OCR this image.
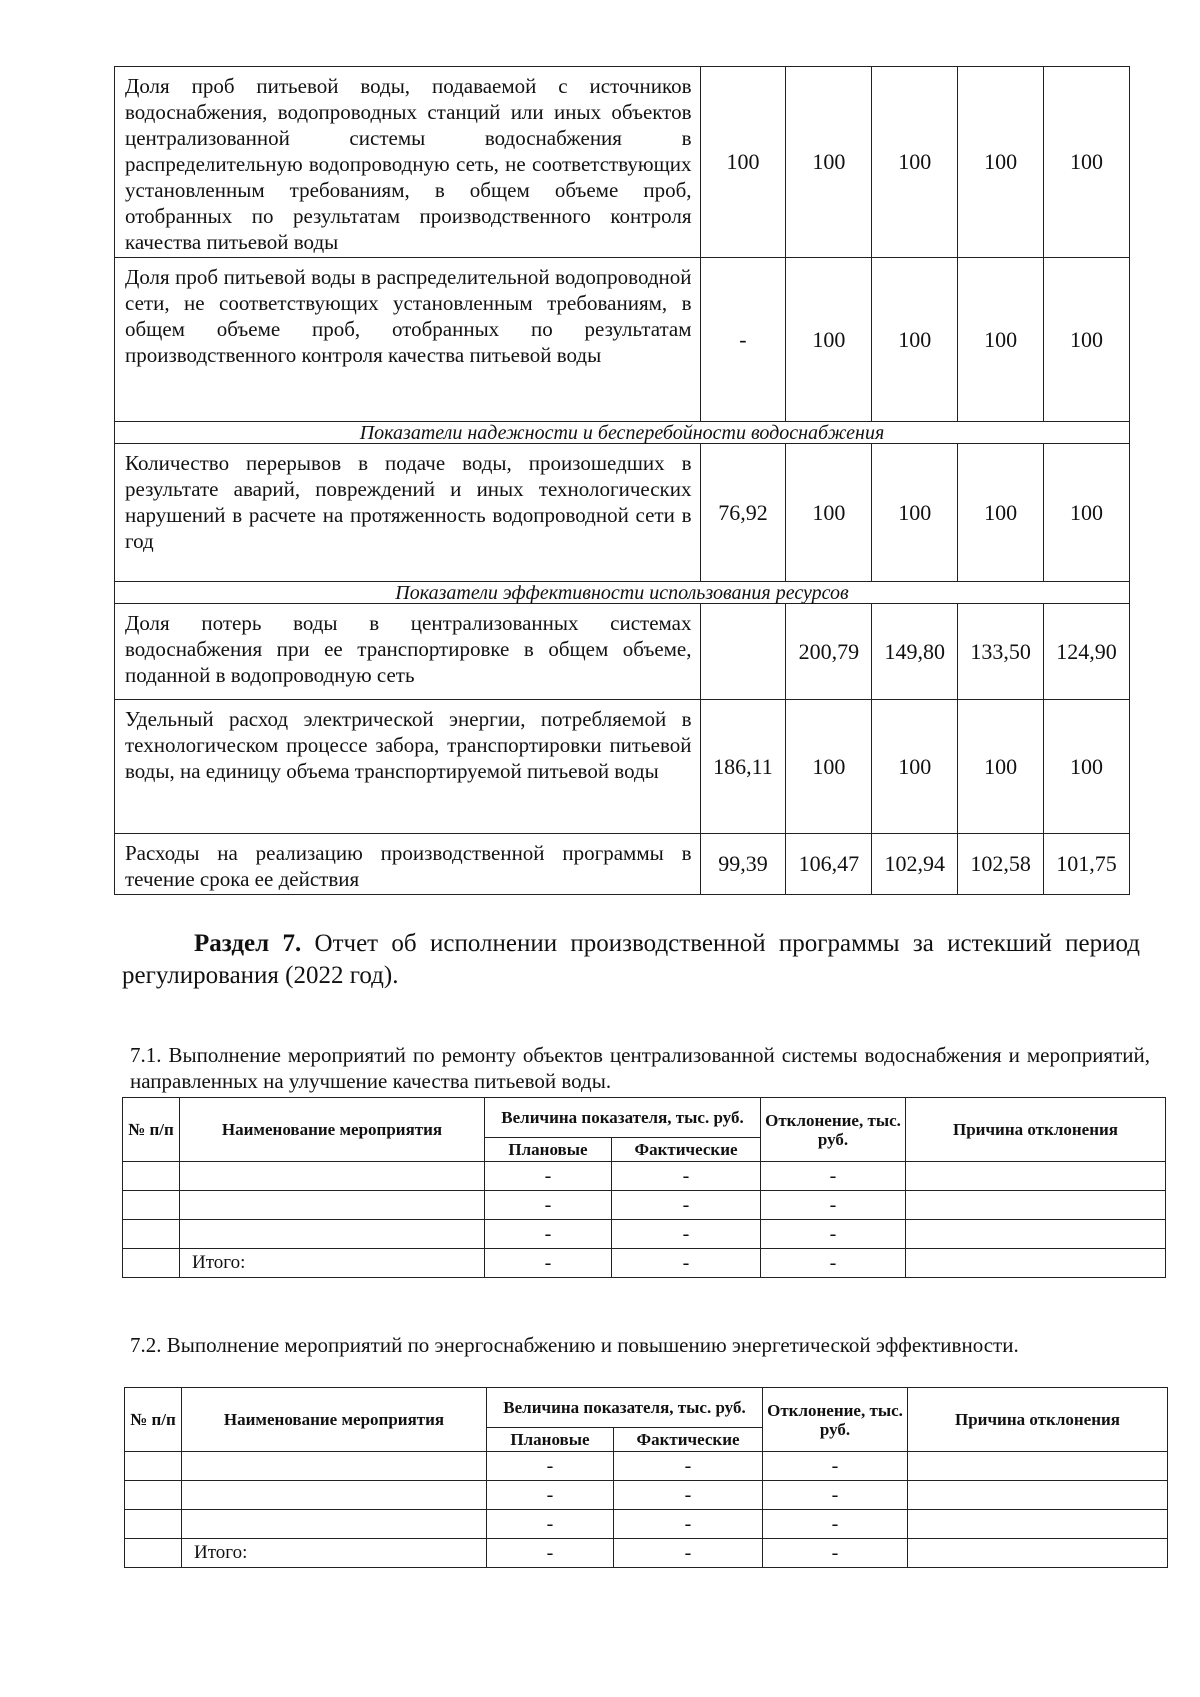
Доля проб питьевой воды, подаваемой с источников водоснабжения, водопроводных станций или иных объектов централизованной системы водоснабжения в распределительную водопроводную сеть, не соответствующих установленным требованиям, в общем объеме проб, отобранных по результатам производственного контроля качества питьевой воды	100	100	100	100	100
Доля проб питьевой воды в распределительной водопроводной сети, не соответствующих установленным требованиям, в общем объеме проб, отобранных по результатам производственного контроля качества питьевой воды	-	100	100	100	100
Показатели надежности и бесперебойности водоснабжения					
Количество перерывов в подаче воды, произошедших в результате аварий, повреждений и иных технологических нарушений в расчете на протяженность водопроводной сети в год	76,92	100	100	100	100
Показатели эффективности использования ресурсов					
Доля потерь воды в централизованных системах водоснабжения при ее транспортировке в общем объеме, поданной в водопроводную сеть		200,79	149,80	133,50	124,90
Удельный расход электрической энергии, потребляемой в технологическом процессе забора, транспортировки питьевой воды, на единицу объема транспортируемой питьевой воды	186,11	100	100	100	100
Расходы на реализацию производственной программы в течение срока ее действия	99,39	106,47	102,94	102,58	101,75
Раздел 7. Отчет об исполнении производственной программы за истекший период регулирования (2022 год).
7.1. Выполнение мероприятий по ремонту объектов централизованной системы водоснабжения и мероприятий, направленных на улучшение качества питьевой воды.
№ п/п	Наименование мероприятия	Величина показателя, тыс. руб.		Отклонение, тыс. руб.	Причина отклонения
		Плановые	Фактические		
		-	-	-	
		-	-	-	
		-	-	-	
	Итого:	-	-	-	
7.2. Выполнение мероприятий по энергоснабжению и повышению энергетической эффективности.
№ п/п	Наименование мероприятия	Величина показателя, тыс. руб.		Отклонение, тыс. руб.	Причина отклонения
		Плановые	Фактические		
		-	-	-	
		-	-	-	
		-	-	-	
	Итого:	-	-	-	
